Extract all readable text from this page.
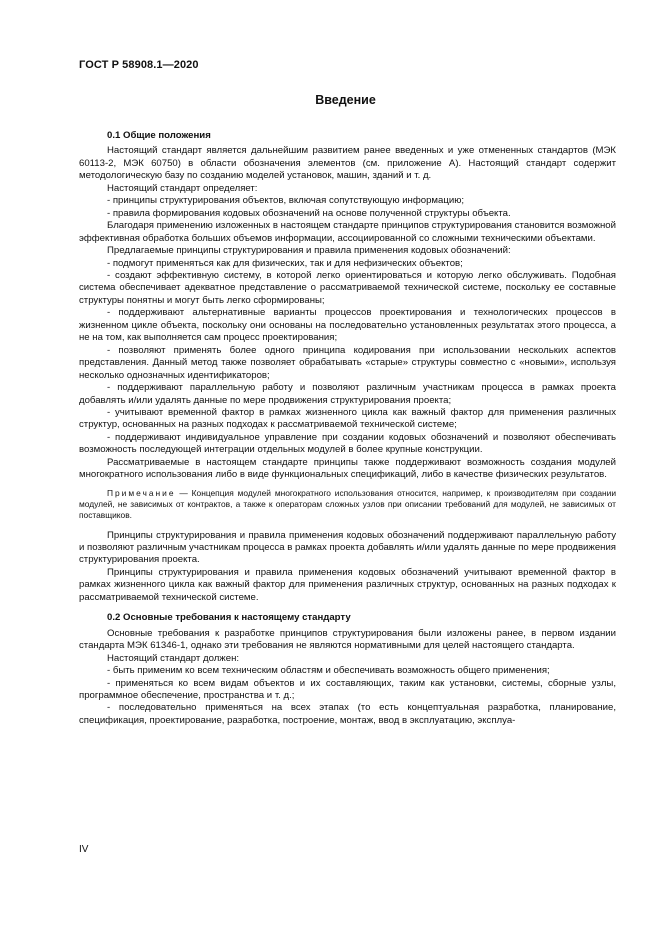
ГОСТ Р 58908.1—2020
Введение

0.1 Общие положения

Настоящий стандарт является дальнейшим развитием ранее введенных и уже отмененных стандартов (МЭК 60113-2, МЭК 60750) в области обозначения элементов (см. приложение А). Настоящий стандарт содержит методологическую базу по созданию моделей установок, машин, зданий и т. д.

Настоящий стандарт определяет:

- принципы структурирования объектов, включая сопутствующую информацию;

- правила формирования кодовых обозначений на основе полученной структуры объекта.

Благодаря применению изложенных в настоящем стандарте принципов структурирования становится возможной эффективная обработка больших объемов информации, ассоциированной со сложными техническими объектами.

Предлагаемые принципы структурирования и правила применения кодовых обозначений:

- подмогут применяться как для физических, так и для нефизических объектов;

- создают эффективную систему, в которой легко ориентироваться и которую легко обслуживать. Подобная система обеспечивает адекватное представление о рассматриваемой технической системе, поскольку ее составные структуры понятны и могут быть легко сформированы;

- поддерживают альтернативные варианты процессов проектирования и технологических процессов в жизненном цикле объекта, поскольку они основаны на последовательно установленных результатах этого процесса, а не на том, как выполняется сам процесс проектирования;

- позволяют применять более одного принципа кодирования при использовании нескольких аспектов представления. Данный метод также позволяет обрабатывать «старые» структуры совместно с «новыми», используя несколько однозначных идентификаторов;

- поддерживают параллельную работу и позволяют различным участникам процесса в рамках проекта добавлять и/или удалять данные по мере продвижения структурирования проекта;

- учитывают временной фактор в рамках жизненного цикла как важный фактор для применения различных структур, основанных на разных подходах к рассматриваемой технической системе;

- поддерживают индивидуальное управление при создании кодовых обозначений и позволяют обеспечивать возможность последующей интеграции отдельных модулей в более крупные конструкции.

Рассматриваемые в настоящем стандарте принципы также поддерживают возможность создания модулей многократного использования либо в виде функциональных спецификаций, либо в качестве физических результатов.

Примечание — Концепция модулей многократного использования относится, например, к производителям при создании модулей, не зависимых от контрактов, а также к операторам сложных узлов при описании требований для модулей, не зависимых от поставщиков.

Принципы структурирования и правила применения кодовых обозначений поддерживают параллельную работу и позволяют различным участникам процесса в рамках проекта добавлять и/или удалять данные по мере продвижения структурирования проекта.

Принципы структурирования и правила применения кодовых обозначений учитывают временной фактор в рамках жизненного цикла как важный фактор для применения различных структур, основанных на разных подходах к рассматриваемой технической системе.

0.2 Основные требования к настоящему стандарту

Основные требования к разработке принципов структурирования были изложены ранее, в первом издании стандарта МЭК 61346-1, однако эти требования не являются нормативными для целей настоящего стандарта.

Настоящий стандарт должен:

- быть применим ко всем техническим областям и обеспечивать возможность общего применения;

- применяться ко всем видам объектов и их составляющих, таким как установки, системы, сборные узлы, программное обеспечение, пространства и т. д.;

- последовательно применяться на всех этапах (то есть концептуальная разработка, планирование, спецификация, проектирование, разработка, построение, монтаж, ввод в эксплуатацию, эксплуа-

IV
